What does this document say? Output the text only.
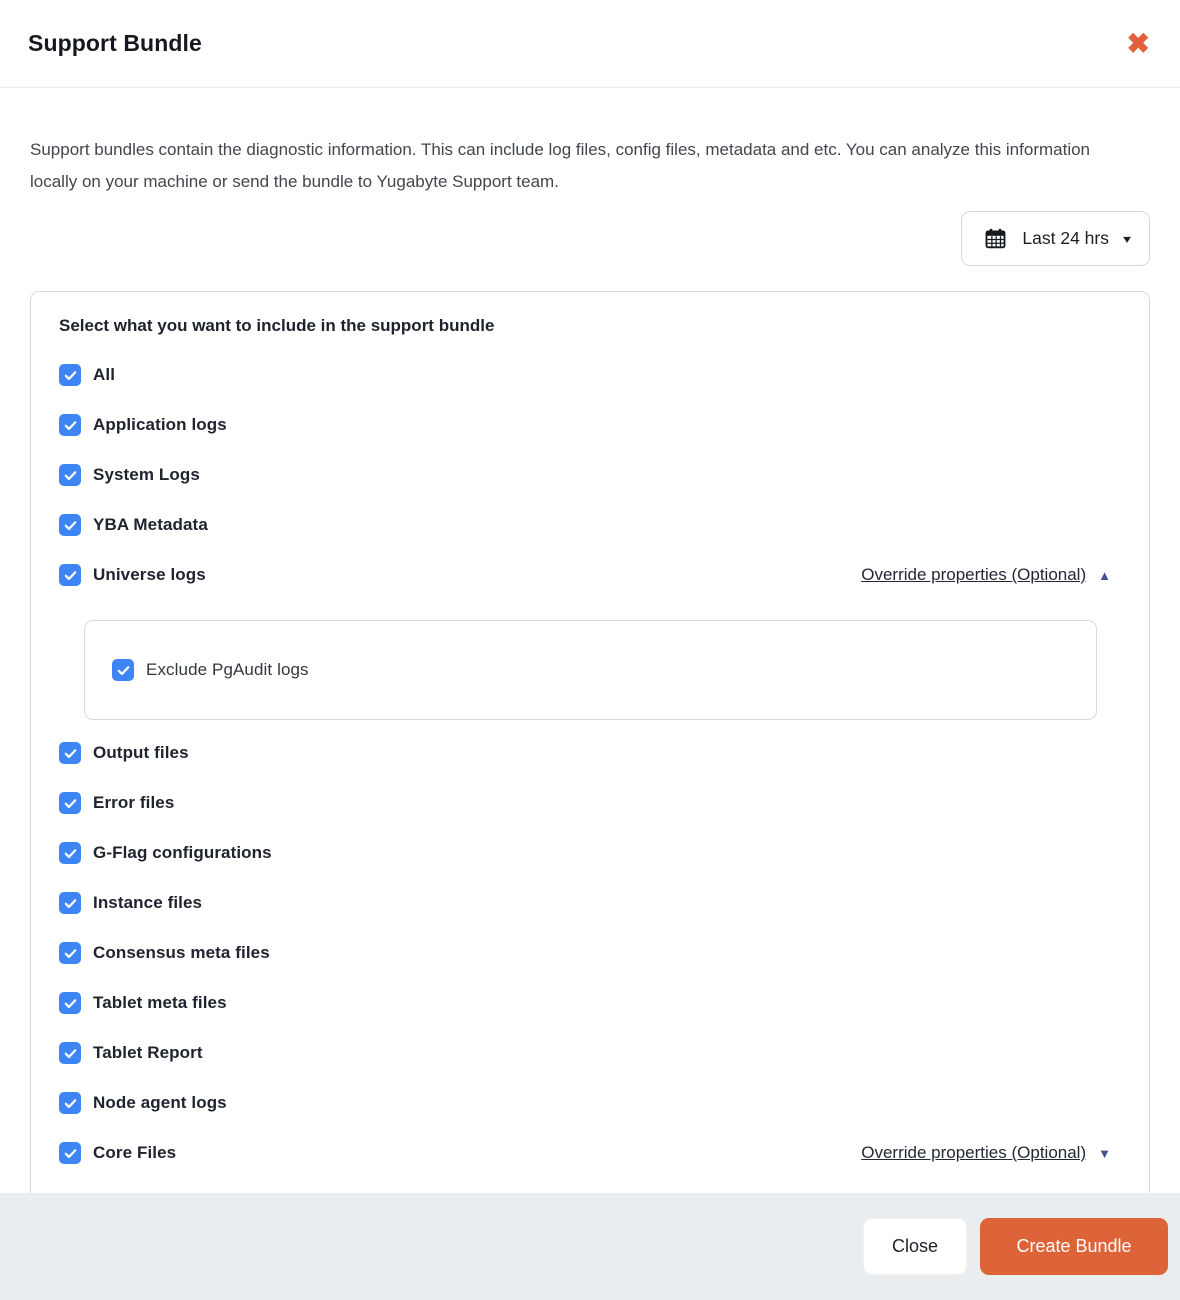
Support Bundle	✖

Support bundles contain the diagnostic information. This can include log files, config files, metadata and etc. You can analyze this information locally on your machine or send the bundle to Yugabyte Support team.

Last 24 hrs ▾
Select what you want to include in the support bundle
All
Application logs
System Logs
YBA Metadata
Universe logs	Override properties (Optional) ▲
Exclude PgAudit logs
Output files
Error files
G-Flag configurations
Instance files
Consensus meta files
Tablet meta files
Tablet Report
Node agent logs
Core Files	Override properties (Optional) ▼
Close	Create Bundle
